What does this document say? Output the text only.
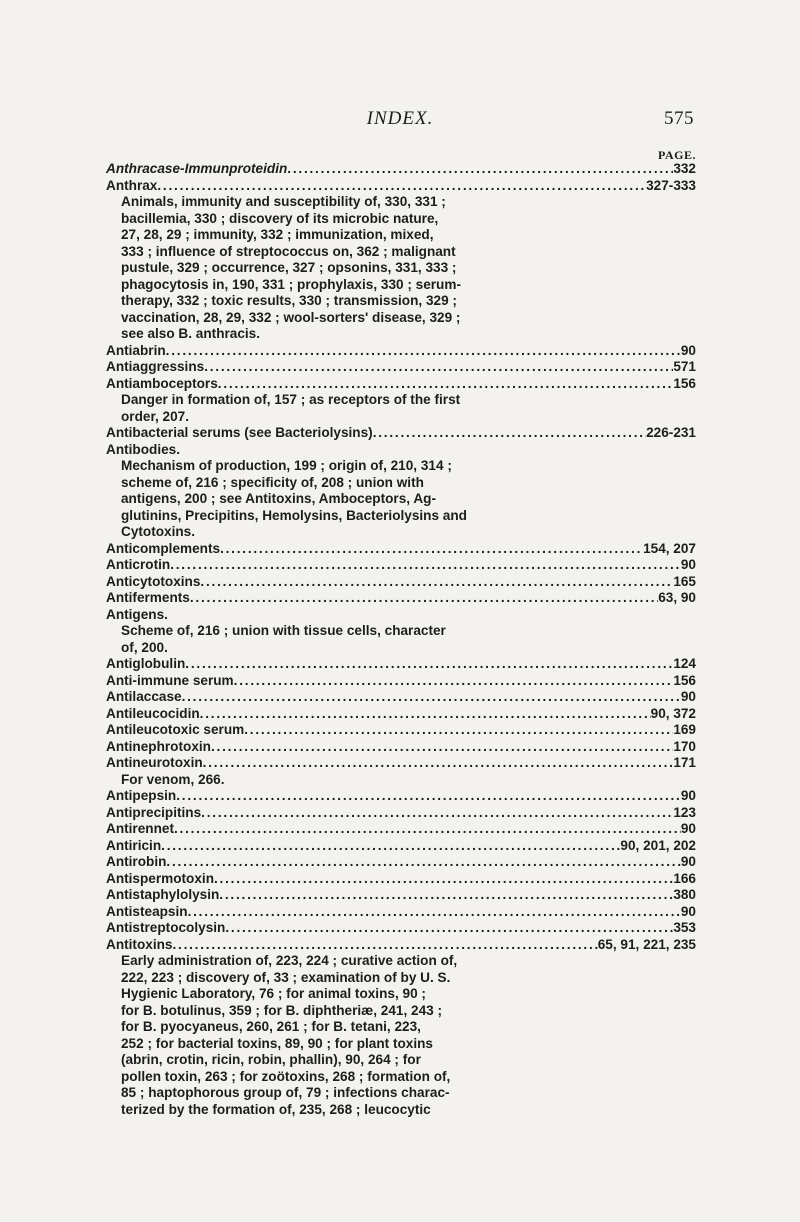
INDEX.	575
PAGE.
Anthracase-Immunproteidin . . .	332
Anthrax . . .	327-333
Animals, immunity and susceptibility of, 330, 331 ;
bacillemia, 330 ; discovery of its microbic nature,
27, 28, 29 ; immunity, 332 ; immunization, mixed,
333 ; influence of streptococcus on, 362 ; malignant
pustule, 329 ; occurrence, 327 ; opsonins, 331, 333 ;
phagocytosis in, 190, 331 ; prophylaxis, 330 ; serum-
therapy, 332 ; toxic results, 330 ; transmission, 329 ;
vaccination, 28, 29, 332 ; wool-sorters' disease, 329 ;
see also B. anthracis.
Antiabrin . . .	90
Antiaggressins . . .	571
Antiamboceptors . . .	156
Danger in formation of, 157 ; as receptors of the first
order, 207.
Antibacterial serums (see Bacteriolysins) . . .	226-231
Antibodies.
Mechanism of production, 199 ; origin of, 210, 314 ;
scheme of, 216 ; specificity of, 208 ; union with
antigens, 200 ; see Antitoxins, Amboceptors, Ag-
glutinins, Precipitins, Hemolysins, Bacteriolysins and
Cytotoxins.
Anticomplements . . .	154, 207
Anticrotin . . .	90
Anticytotoxins . . .	165
Antiferments . . .	63, 90
Antigens.
Scheme of, 216 ; union with tissue cells, character
of, 200.
Antiglobulin . . .	124
Anti-immune serum . . .	156
Antilaccase . . .	90
Antileucocidin . . .	90, 372
Antileucotoxic serum . . .	169
Antinephrotoxin . . .	170
Antineurotoxin . . .	171
For venom, 266.
Antipepsin . . .	90
Antiprecipitins . . .	123
Antirennet . . .	90
Antiricin . . .	90, 201, 202
Antirobin . . .	90
Antispermotoxin . . .	166
Antistaphylolysin . . .	380
Antisteapsin . . .	90
Antistreptocolysin . . .	353
Antitoxins . . .	65, 91, 221, 235
Early administration of, 223, 224 ; curative action of,
222, 223 ; discovery of, 33 ; examination of by U. S.
Hygienic Laboratory, 76 ; for animal toxins, 90 ;
for B. botulinus, 359 ; for B. diphtheriæ, 241, 243 ;
for B. pyocyaneus, 260, 261 ; for B. tetani, 223,
252 ; for bacterial toxins, 89, 90 ; for plant toxins
(abrin, crotin, ricin, robin, phallin), 90, 264 ; for
pollen toxin, 263 ; for zoötoxins, 268 ; formation of,
85 ; haptophorous group of, 79 ; infections charac-
terized by the formation of, 235, 268 ; leucocytic
